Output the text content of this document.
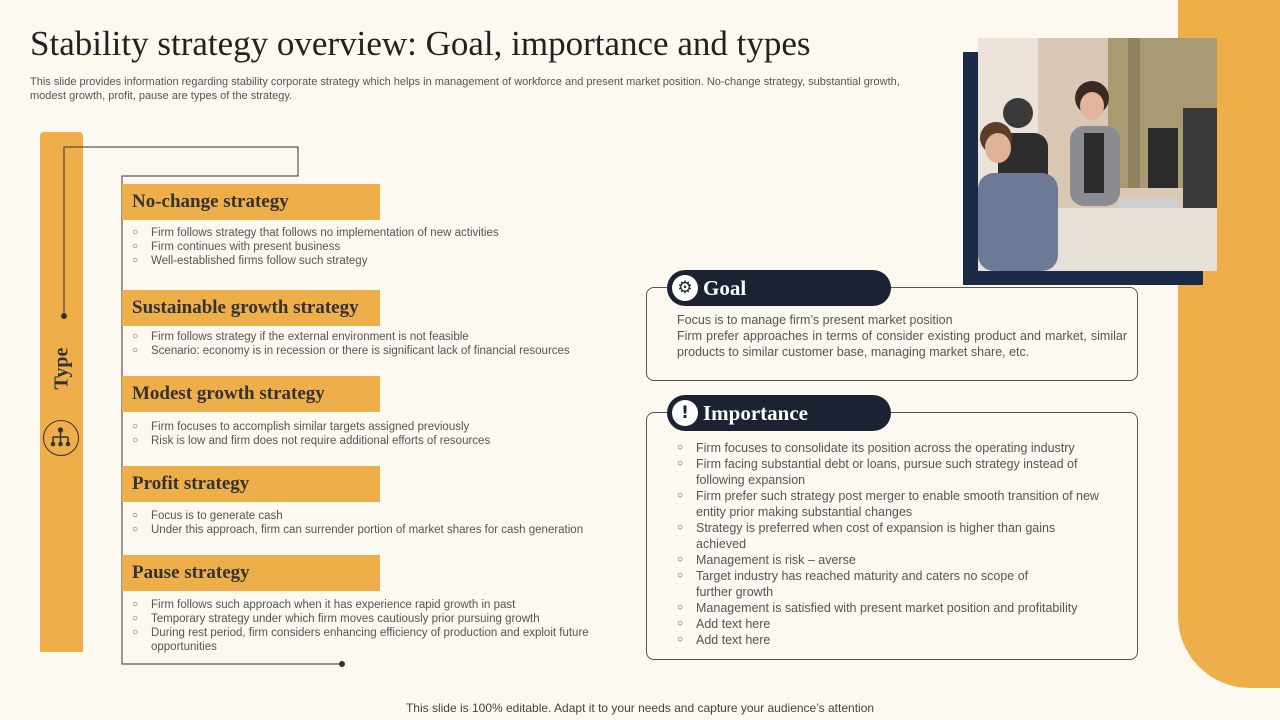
Stability strategy overview: Goal, importance and types
This slide provides information regarding stability corporate strategy which helps in management of workforce and present market position. No-change strategy, substantial growth, modest growth, profit, pause are types of the strategy.
Type
No-change strategy
○ Firm follows strategy that follows no implementation of new activities
○ Firm continues with present business
○ Well-established firms follow such strategy
Sustainable growth strategy
○ Firm follows strategy if the external environment is not feasible
○ Scenario: economy is in recession or there is significant lack of financial resources
Modest growth strategy
○ Firm focuses to accomplish similar targets assigned previously
○ Risk is low and firm does not require additional efforts of resources
Profit strategy
○ Focus is to generate cash
○ Under this approach, firm can surrender portion of market shares for cash generation
Pause strategy
○ Firm follows such approach when it has experience rapid growth in past
○ Temporary strategy under which firm moves cautiously prior pursuing growth
○ During rest period, firm considers enhancing efficiency of production and exploit future opportunities
⚙ Goal
Focus is to manage firm’s present market position
Firm prefer approaches in terms of consider existing product and market, similar products to similar customer base, managing market share, etc.
! Importance
○ Firm focuses to consolidate its position across the operating industry
○ Firm facing substantial debt or loans, pursue such strategy instead of following expansion
○ Firm prefer such strategy post merger to enable smooth transition of new entity prior making substantial changes
○ Strategy is preferred when cost of expansion is higher than gains achieved
○ Management is risk – averse
○ Target industry has reached maturity and caters no scope of further growth
○ Management is satisfied with present market position and profitability
○ Add text here
○ Add text here
This slide is 100% editable. Adapt it to your needs and capture your audience’s attention
